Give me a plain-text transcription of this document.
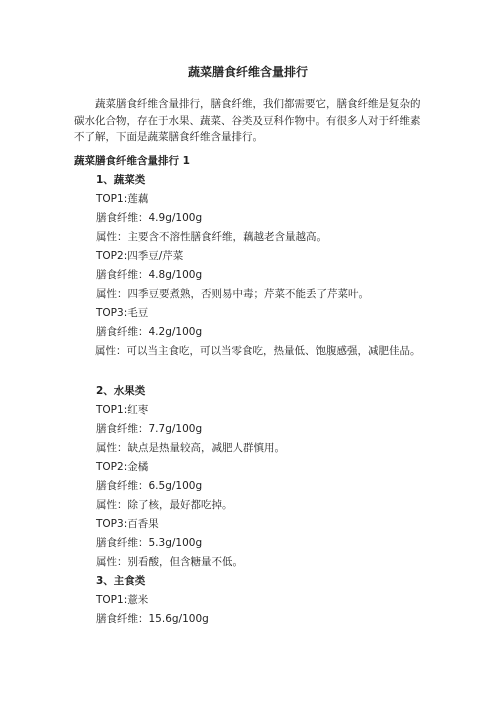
蔬菜膳食纤维含量排行
蔬菜膳食纤维含量排行，膳食纤维，我们都需要它，膳食纤维是复杂的碳水化合物，存在于水果、蔬菜、谷类及豆科作物中。有很多人对于纤维素不了解，下面是蔬菜膳食纤维含量排行。
蔬菜膳食纤维含量排行 1
1、蔬菜类
TOP1:莲藕
膳食纤维：4.9g/100g
属性：主要含不溶性膳食纤维，藕越老含量越高。
TOP2:四季豆/芹菜
膳食纤维：4.8g/100g
属性：四季豆要煮熟，否则易中毒；芹菜不能丢了芹菜叶。
TOP3:毛豆
膳食纤维：4.2g/100g
属性：可以当主食吃，可以当零食吃，热量低、饱腹感强，减肥佳品。
2、水果类
TOP1:红枣
膳食纤维：7.7g/100g
属性：缺点是热量较高，减肥人群慎用。
TOP2:金橘
膳食纤维：6.5g/100g
属性：除了核，最好都吃掉。
TOP3:百香果
膳食纤维：5.3g/100g
属性：别看酸，但含糖量不低。
3、主食类
TOP1:薏米
膳食纤维：15.6g/100g
